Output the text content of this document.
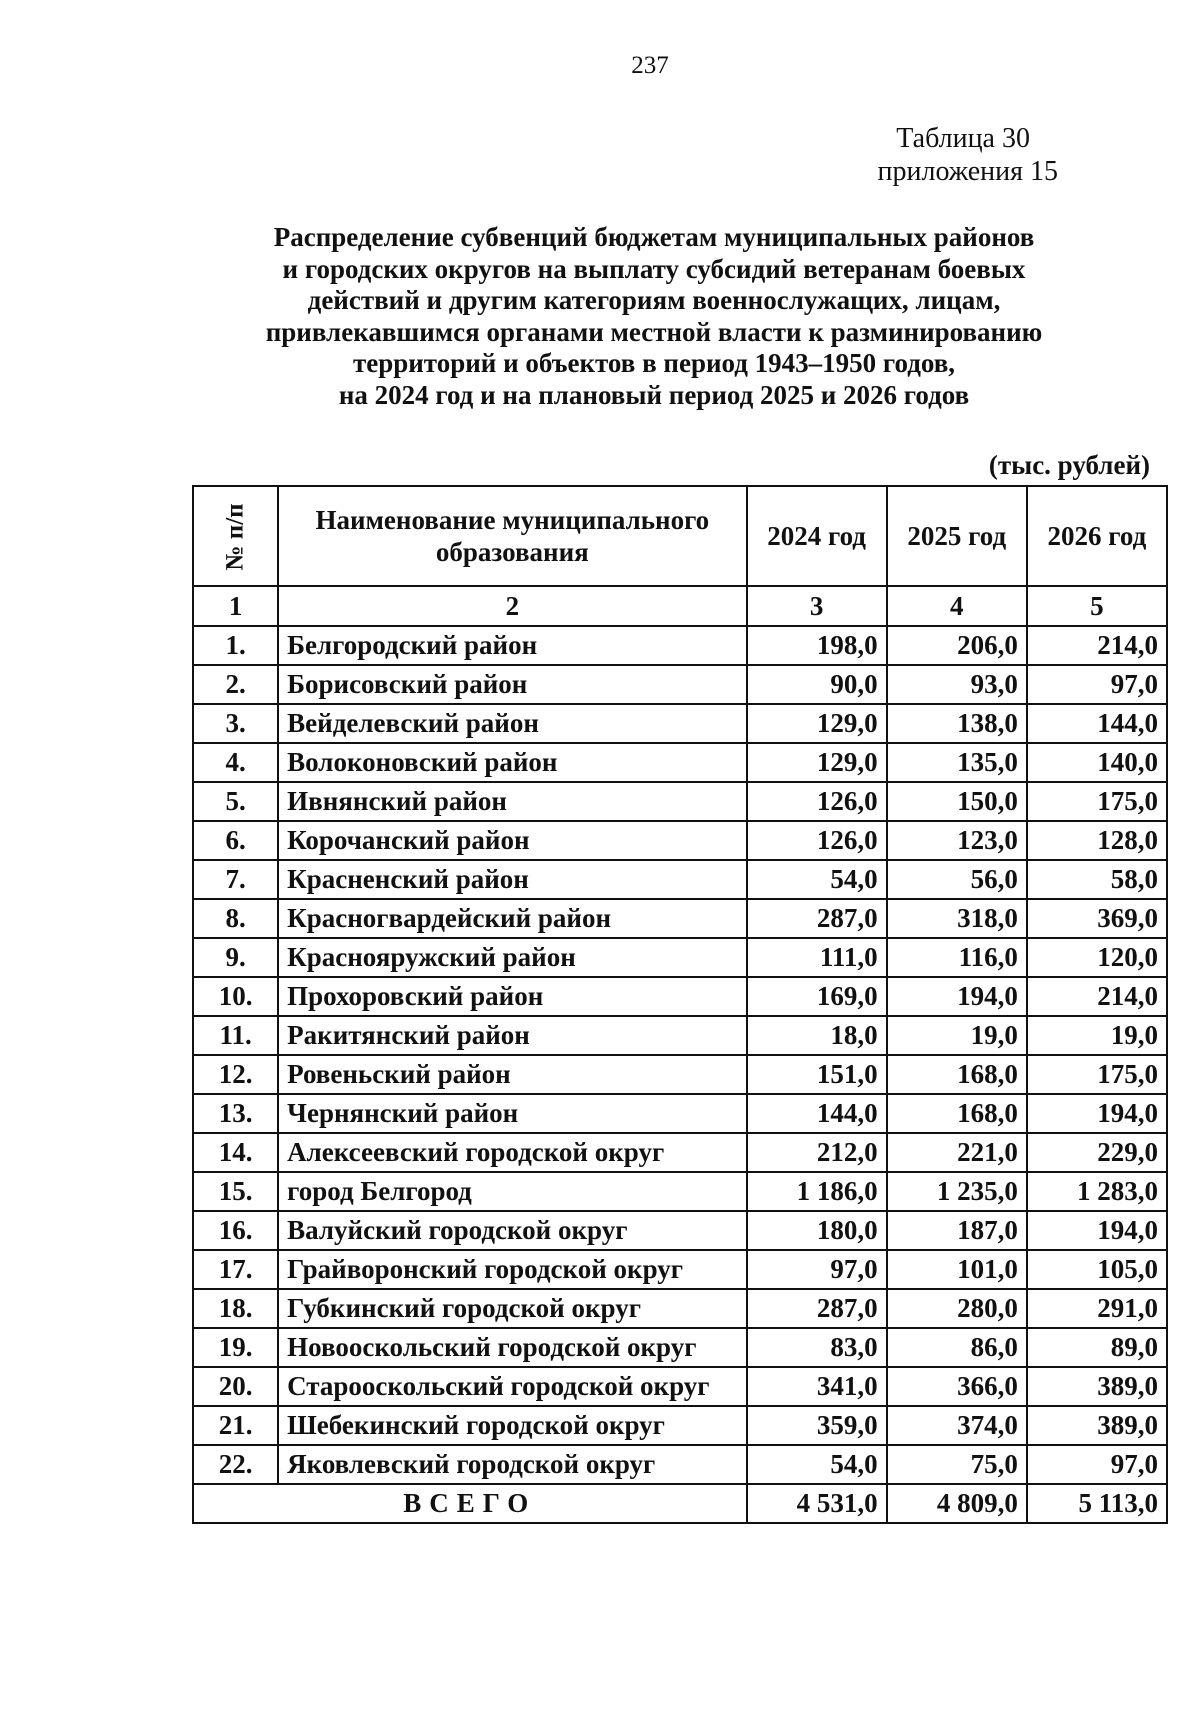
237
Таблица 30
приложения 15
Распределение субвенций бюджетам муниципальных районов
и городских округов на выплату субсидий ветеранам боевых
действий и другим категориям военнослужащих, лицам,
привлекавшимся органами местной власти к разминированию
территорий и объектов в период 1943–1950 годов,
на 2024 год и на плановый период 2025 и 2026 годов
(тыс. рублей)
№ п/п	Наименование муниципального образования	2024 год	2025 год	2026 год
1	2	3	4	5
1.	Белгородский район	198,0	206,0	214,0
2.	Борисовский район	90,0	93,0	97,0
3.	Вейделевский район	129,0	138,0	144,0
4.	Волоконовский район	129,0	135,0	140,0
5.	Ивнянский район	126,0	150,0	175,0
6.	Корочанский район	126,0	123,0	128,0
7.	Красненский район	54,0	56,0	58,0
8.	Красногвардейский район	287,0	318,0	369,0
9.	Краснояружский район	111,0	116,0	120,0
10.	Прохоровский район	169,0	194,0	214,0
11.	Ракитянский район	18,0	19,0	19,0
12.	Ровеньский район	151,0	168,0	175,0
13.	Чернянский район	144,0	168,0	194,0
14.	Алексеевский городской округ	212,0	221,0	229,0
15.	город Белгород	1 186,0	1 235,0	1 283,0
16.	Валуйский городской округ	180,0	187,0	194,0
17.	Грайворонский городской округ	97,0	101,0	105,0
18.	Губкинский городской округ	287,0	280,0	291,0
19.	Новооскольский городской округ	83,0	86,0	89,0
20.	Старооскольский городской округ	341,0	366,0	389,0
21.	Шебекинский городской округ	359,0	374,0	389,0
22.	Яковлевский городской округ	54,0	75,0	97,0
ВСЕГО		4 531,0	4 809,0	5 113,0
